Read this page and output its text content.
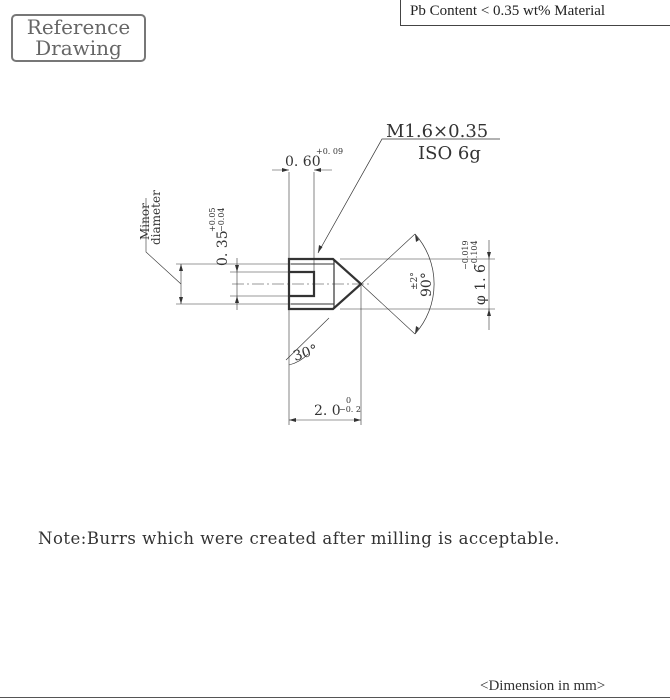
Reference
Drawing
Pb Content < 0.35 wt% Material
M1.6×0.35
ISO 6g
0. 60
+0. 09
Minor
diameter
0. 35
+0.05 −0.04
90°
±2°	φ 1. 6
−0.019 −0.104
30°
2. 0
0
−0. 2
Note:Burrs which were created after milling is acceptable.
<Dimension in mm>
